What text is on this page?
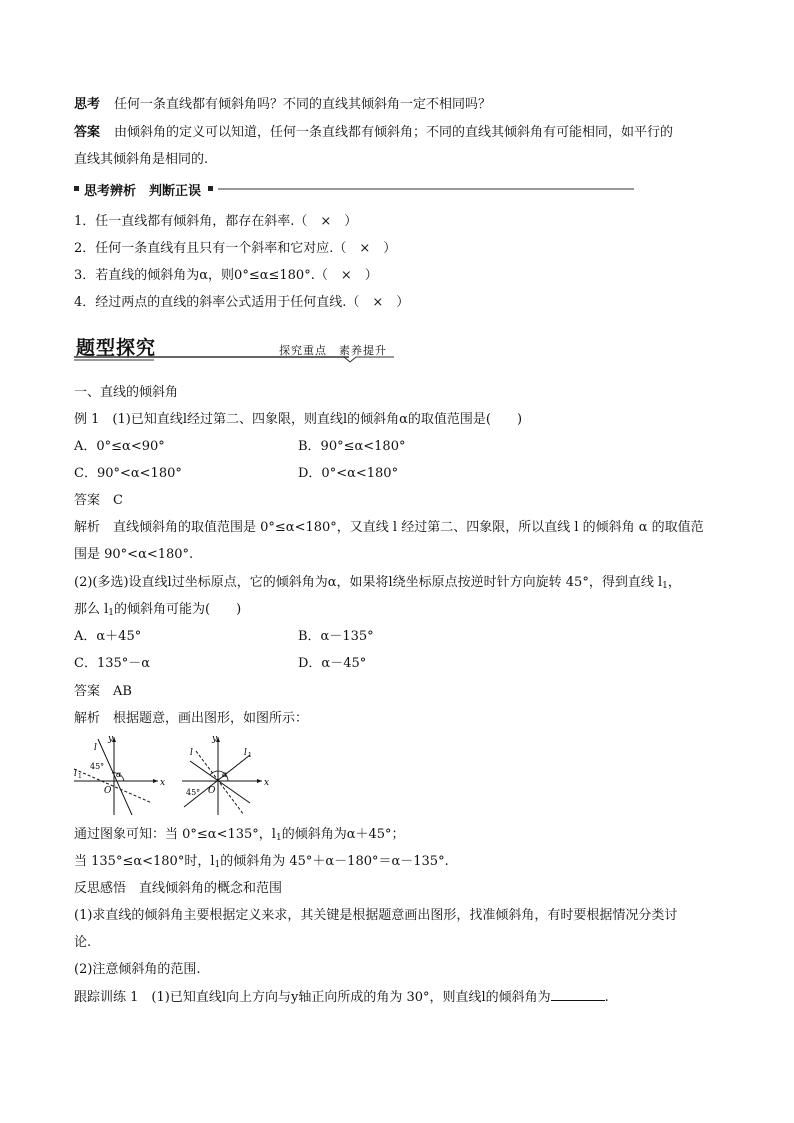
思考 任何一条直线都有倾斜角吗？不同的直线其倾斜角一定不相同吗？
答案 由倾斜角的定义可以知道，任何一条直线都有倾斜角；不同的直线其倾斜角有可能相同，如平行的
直线其倾斜角是相同的.
思考辨析　判断正误
1．任一直线都有倾斜角，都存在斜率.（　×　）
2．任何一条直线有且只有一个斜率和它对应.（　×　）
3．若直线的倾斜角为α，则0°≤α≤180°.（　×　）
4．经过两点的直线的斜率公式适用于任何直线.（　×　）
题型探究	探究重点　素养提升
一、直线的倾斜角
例 1　(1)已知直线l经过第二、四象限，则直线l的倾斜角α的取值范围是(　　)
A．0°≤α<90°	B．90°≤α<180°
C．90°<α<180°	D．0°<α<180°
答案　C
解析　直线倾斜角的取值范围是 0°≤α<180°，又直线 l 经过第二、四象限，所以直线 l 的倾斜角 α 的取值范
围是 90°<α<180°.
(2)(多选)设直线l过坐标原点，它的倾斜角为α，如果将l绕坐标原点按逆时针方向旋转 45°，得到直线 $l_1$，
那么 $l_1$的倾斜角可能为(　　)
A．α＋45°	B．α－135°
C．135°－α	D．α－45°
答案　AB
解析　根据题意，画出图形，如图所示：
y
x
O
l
l 1	α
45°
y
x
O
l	l 1
α
45°
通过图象可知：当 0°≤α<135°，$l_1$的倾斜角为α＋45°；
当 135°≤α<180°时，$l_1$的倾斜角为 45°＋α－180°＝α－135°.
反思感悟　直线倾斜角的概念和范围
(1)求直线的倾斜角主要根据定义来求，其关键是根据题意画出图形，找准倾斜角，有时要根据情况分类讨
论.
(2)注意倾斜角的范围.
跟踪训练 1　(1)已知直线l向上方向与y轴正向所成的角为 30°，则直线l的倾斜角为	.
